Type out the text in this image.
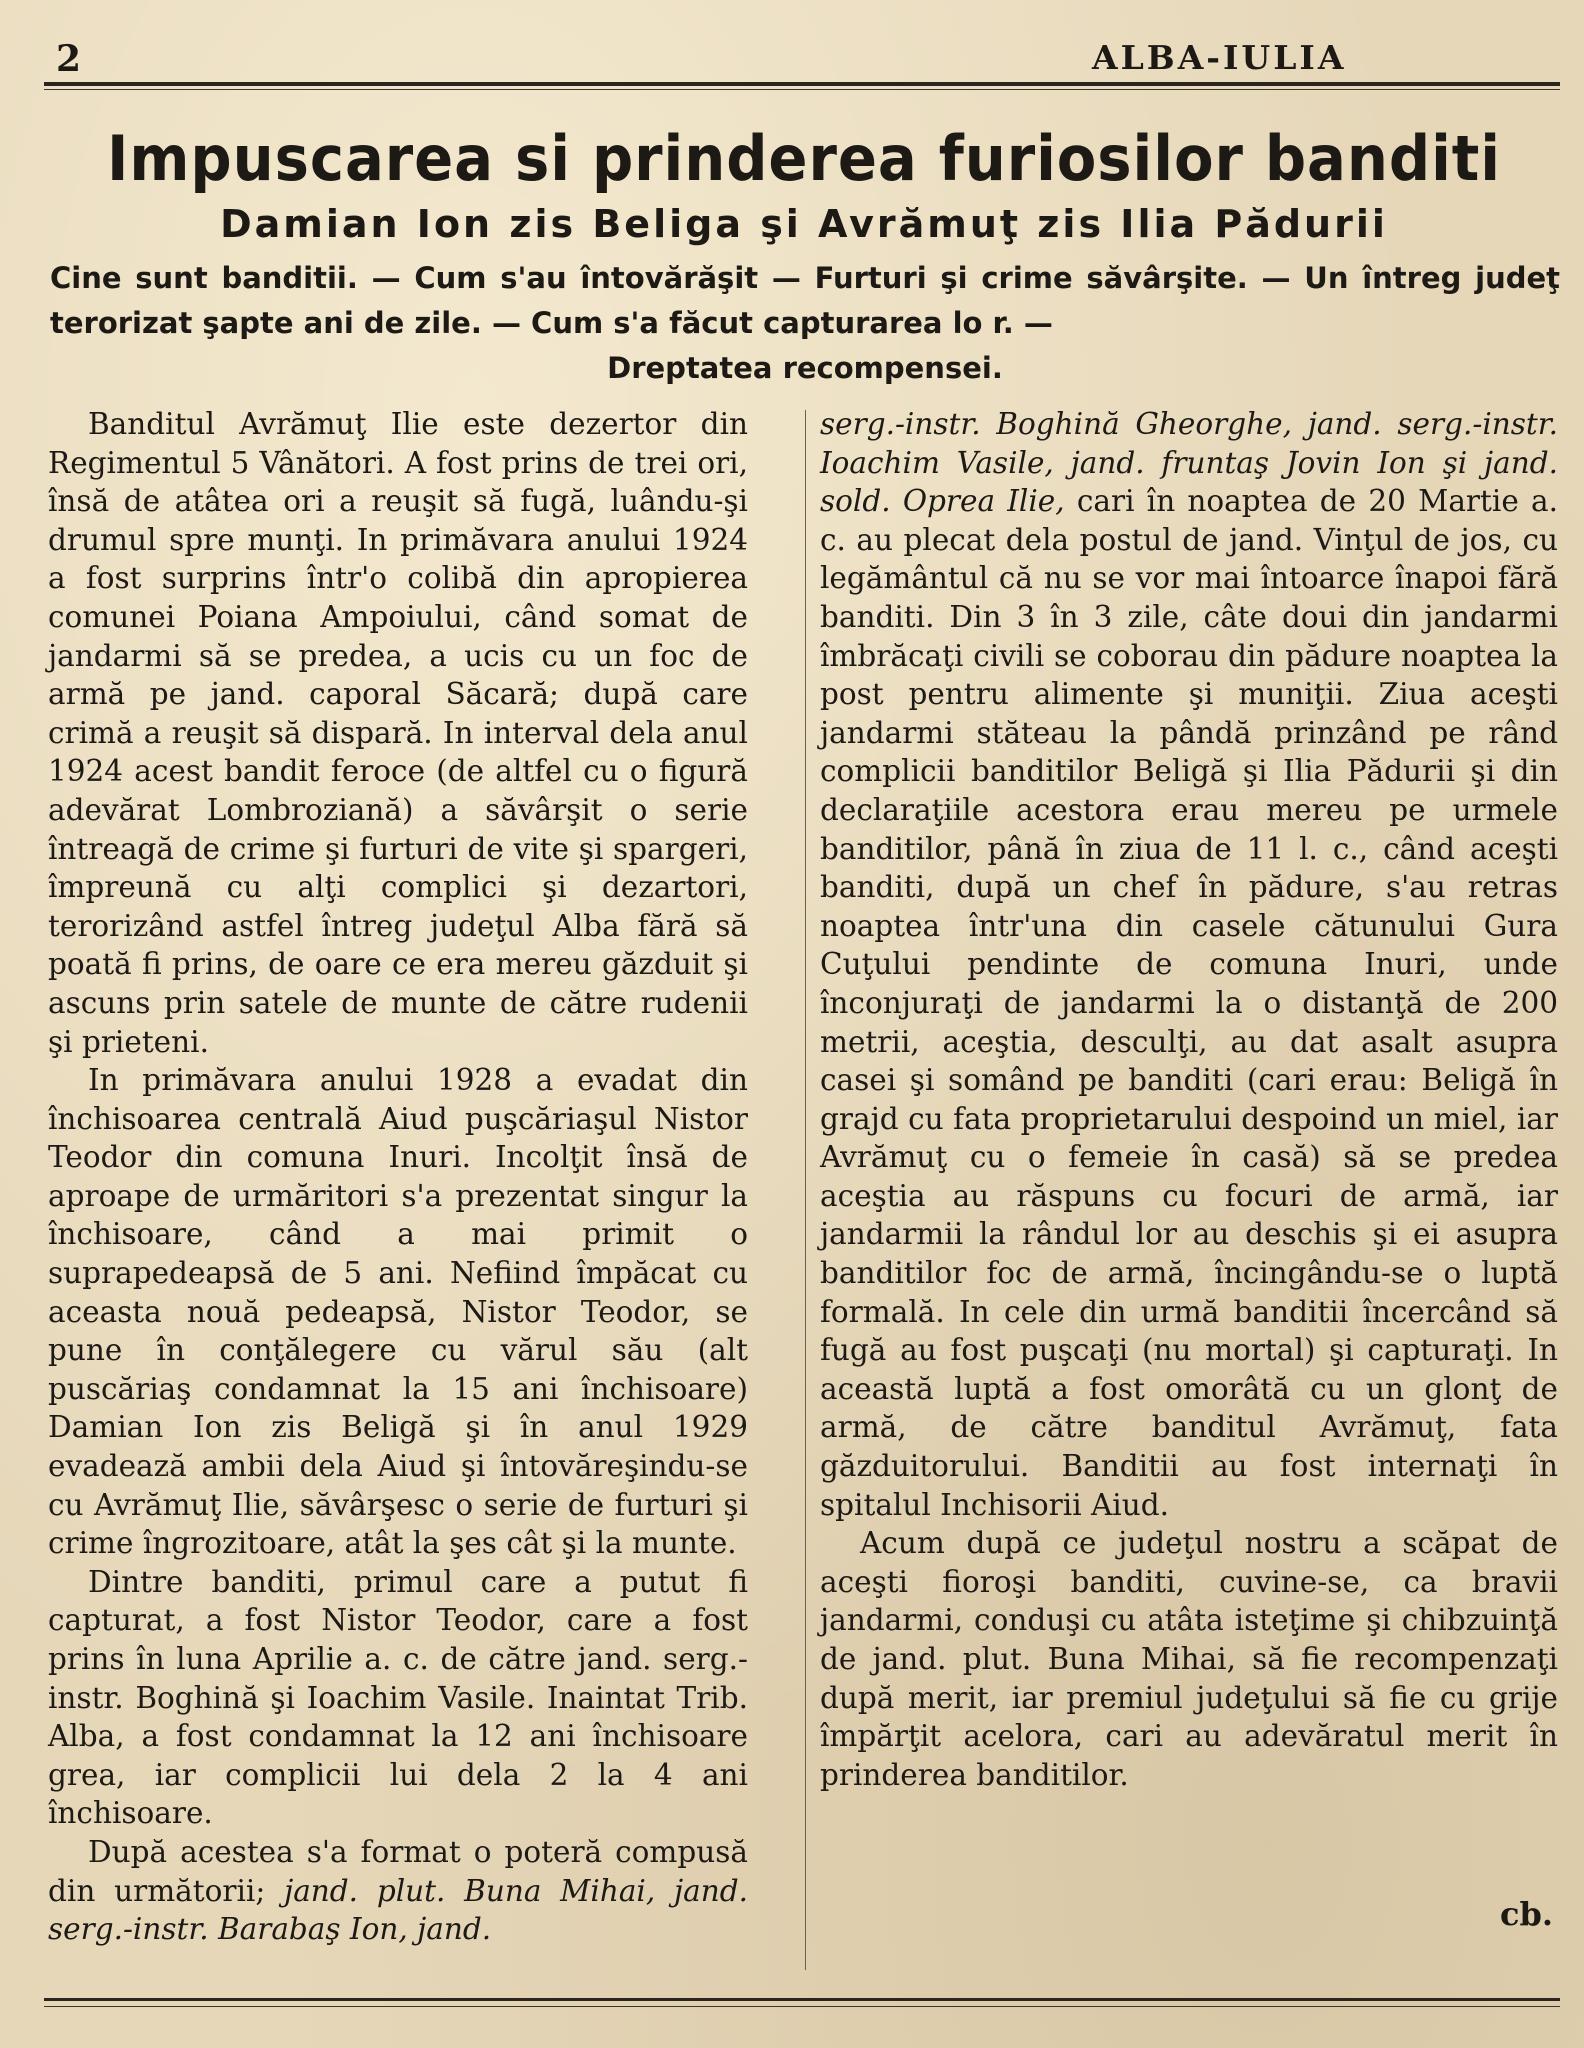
2	ALBA-IULIA
Impuscarea si prinderea furiosilor banditi
Damian Ion zis Beliga şi Avrămuţ zis Ilia Pădurii
Cine sunt banditii. — Cum s'au întovărăşit — Furturi şi crime săvârşite. — Un întreg judeţ terorizat şapte ani de zile. — Cum s'a făcut capturarea lo r. —
Dreptatea recompensei.

Banditul Avrămuţ Ilie este dezertor din Regimentul 5 Vânători. A fost prins de trei ori, însă de atâtea ori a reuşit să fugă, luându-şi drumul spre munţi. In primăvara anului 1924 a fost surprins într'o colibă din apropierea comunei Poiana Ampoiului, când somat de jandarmi să se predea, a ucis cu un foc de armă pe jand. caporal Săcară; după care crimă a reuşit să dispară. In interval dela anul 1924 acest bandit feroce (de altfel cu o figură adevărat Lombroziană) a săvârşit o serie întreagă de crime şi furturi de vite şi spargeri, împreună cu alţi complici şi dezartori, terorizând astfel întreg judeţul Alba fără să poată fi prins, de oare ce era mereu găzduit şi ascuns prin satele de munte de către rudenii şi prieteni.

In primăvara anului 1928 a evadat din închisoarea centrală Aiud puşcăriaşul Nistor Teodor din comuna Inuri. Incolţit însă de aproape de urmăritori s'a prezentat singur la închisoare, când a mai primit o suprapedeapsă de 5 ani. Nefiind împăcat cu aceasta nouă pedeapsă, Nistor Teodor, se pune în conţălegere cu vărul său (alt puscăriaş condamnat la 15 ani închisoare) Damian Ion zis Beligă şi în anul 1929 evadează ambii dela Aiud şi întovăreşindu-se cu Avrămuţ Ilie, săvârşesc o serie de furturi şi crime îngrozitoare, atât la şes cât şi la munte.

Dintre banditi, primul care a putut fi capturat, a fost Nistor Teodor, care a fost prins în luna Aprilie a. c. de către jand. serg.-instr. Boghină şi Ioachim Vasile. Inaintat Trib. Alba, a fost condamnat la 12 ani închisoare grea, iar complicii lui dela 2 la 4 ani închisoare.

După acestea s'a format o poteră compusă din următorii; jand. plut. Buna Mihai, jand. serg.-instr. Barabaş Ion, jand.

serg.-instr. Boghină Gheorghe, jand. serg.-instr. Ioachim Vasile, jand. fruntaş Jovin Ion şi jand. sold. Oprea Ilie, cari în noaptea de 20 Martie a. c. au plecat dela postul de jand. Vinţul de jos, cu legământul că nu se vor mai întoarce înapoi fără banditi. Din 3 în 3 zile, câte doui din jandarmi îmbrăcaţi civili se coborau din pădure noaptea la post pentru alimente şi muniţii. Ziua aceşti jandarmi stăteau la pândă prinzând pe rând complicii banditilor Beligă şi Ilia Pădurii şi din declaraţiile acestora erau mereu pe urmele banditilor, până în ziua de 11 l. c., când aceşti banditi, după un chef în pădure, s'au retras noaptea într'una din casele cătunului Gura Cuţului pendinte de comuna Inuri, unde înconjuraţi de jandarmi la o distanţă de 200 metrii, aceştia, desculţi, au dat asalt asupra casei şi somând pe banditi (cari erau: Beligă în grajd cu fata proprietarului despoind un miel, iar Avrămuţ cu o femeie în casă) să se predea aceştia au răspuns cu focuri de armă, iar jandarmii la rândul lor au deschis şi ei asupra banditilor foc de armă, încingându-se o luptă formală. In cele din urmă banditii încercând să fugă au fost puşcaţi (nu mortal) şi capturaţi. In această luptă a fost omorâtă cu un glonţ de armă, de către banditul Avrămuţ, fata găzduitorului. Banditii au fost internaţi în spitalul Inchisorii Aiud.

Acum după ce judeţul nostru a scăpat de aceşti fioroşi banditi, cuvine-se, ca bravii jandarmi, conduşi cu atâta isteţime şi chibzuinţă de jand. plut. Buna Mihai, să fie recompenzaţi după merit, iar premiul judeţului să fie cu grije împărţit acelora, cari au adevăratul merit în prinderea banditilor.

cb.
